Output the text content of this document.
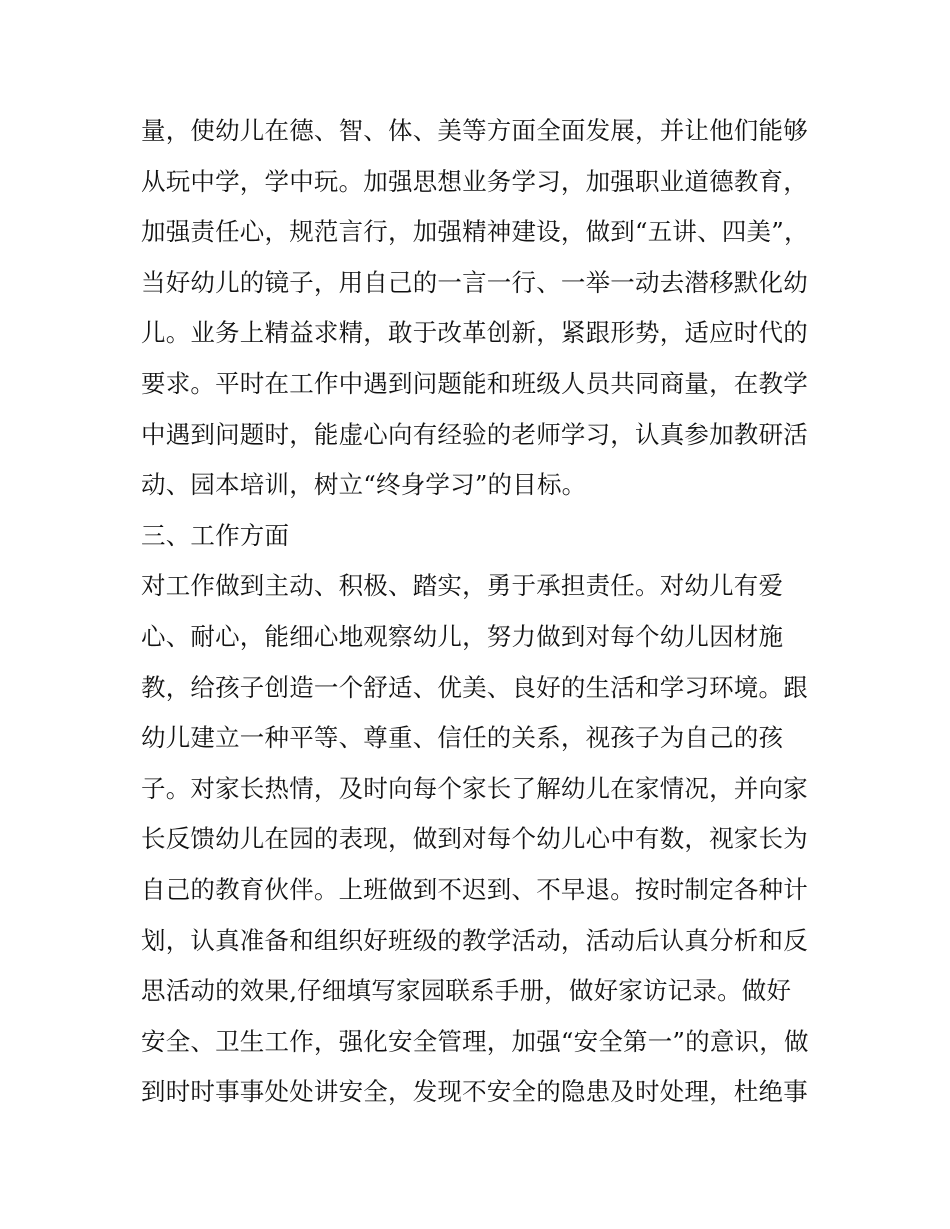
量，使幼儿在德、智、体、美等方面全面发展，并让他们能够
从玩中学，学中玩。加强思想业务学习，加强职业道德教育，
加强责任心，规范言行，加强精神建设，做到“五讲、四美”，
当好幼儿的镜子，用自己的一言一行、一举一动去潜移默化幼
儿。业务上精益求精，敢于改革创新，紧跟形势，适应时代的
要求。平时在工作中遇到问题能和班级人员共同商量，在教学
中遇到问题时，能虚心向有经验的老师学习，认真参加教研活
动、园本培训，树立“终身学习”的目标。
三、工作方面
对工作做到主动、积极、踏实，勇于承担责任。对幼儿有爱
心、耐心，能细心地观察幼儿，努力做到对每个幼儿因材施
教，给孩子创造一个舒适、优美、良好的生活和学习环境。跟
幼儿建立一种平等、尊重、信任的关系，视孩子为自己的孩
子。对家长热情，及时向每个家长了解幼儿在家情况，并向家
长反馈幼儿在园的表现，做到对每个幼儿心中有数，视家长为
自己的教育伙伴。上班做到不迟到、不早退。按时制定各种计
划，认真准备和组织好班级的教学活动，活动后认真分析和反
思活动的效果,仔细填写家园联系手册，做好家访记录。做好
安全、卫生工作，强化安全管理，加强“安全第一”的意识，做
到时时事事处处讲安全，发现不安全的隐患及时处理，杜绝事
